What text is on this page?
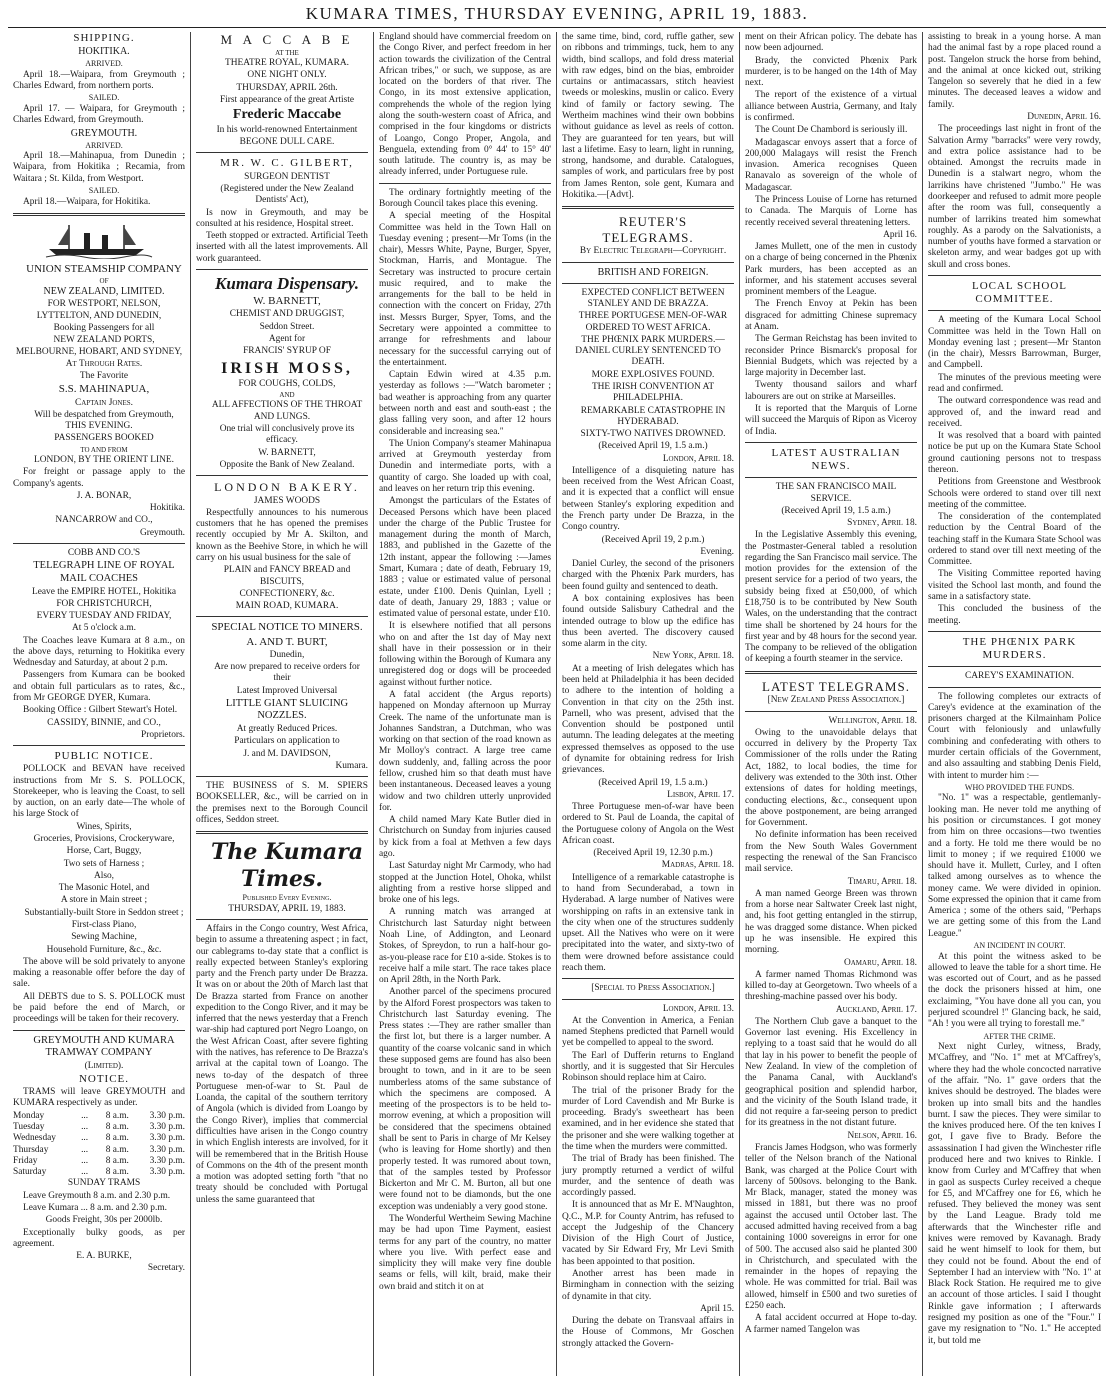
KUMARA TIMES, THURSDAY EVENING, APRIL 19, 1883.

SHIPPING.

HOKITIKA.

ARRIVED.

April 18.—Waipara, from Greymouth ; Charles Edward, from northern ports.

SAILED.

April 17. — Waipara, for Greymouth ; Charles Edward, from Greymouth.

GREYMOUTH.

ARRIVED.

April 18.—Mahinapua, from Dunedin ; Waipara, from Hokitika ; Recamia, from Waitara ; St. Kilda, from Westport.

SAILED.

April 18.—Waipara, for Hokitika.

UNION STEAMSHIP COMPANY

OF

NEW ZEALAND, LIMITED.

FOR WESTPORT, NELSON, LYTTELTON, AND DUNEDIN,

Booking Passengers for all

NEW ZEALAND PORTS, MELBOURNE, HOBART, AND SYDNEY,

At Through Rates.

The Favorite

S.S. MAHINAPUA,

Captain Jones.

Will be despatched from Greymouth, THIS EVENING.

PASSENGERS BOOKED

TO AND FROM

LONDON, BY THE ORIENT LINE.

For freight or passage apply to the Company's agents.

J. A. BONAR,

Hokitika.

NANCARROW and CO.,

Greymouth.

COBB AND CO.'S

TELEGRAPH LINE OF ROYAL MAIL COACHES

Leave the EMPIRE HOTEL, Hokitika

FOR CHRISTCHURCH,

EVERY TUESDAY AND FRIDAY,

At 5 o'clock a.m.

The Coaches leave Kumara at 8 a.m., on the above days, returning to Hokitika every Wednesday and Saturday, at about 2 p.m.

Passengers from Kumara can be booked and obtain full particulars as to rates, &c., from Mr GEORGE DYER, Kumara.

Booking Office : Gilbert Stewart's Hotel.

CASSIDY, BINNIE, and CO.,

Proprietors.

PUBLIC NOTICE.

POLLOCK and BEVAN have received instructions from Mr S. S. POLLOCK, Storekeeper, who is leaving the Coast, to sell by auction, on an early date—The whole of his large Stock of

Wines, Spirits,

Groceries, Provisions, Crockeryware,

Horse, Cart, Buggy,

Two sets of Harness ;

Also,

The Masonic Hotel, and

A store in Main street ;

Substantially-built Store in Seddon street ;

First-class Piano,

Sewing Machine,

Household Furniture, &c., &c.

The above will be sold privately to anyone making a reasonable offer before the day of sale.

All DEBTS due to S. S. POLLOCK must be paid before the end of March, or proceedings will be taken for their recovery.

GREYMOUTH AND KUMARA TRAMWAY COMPANY

(Limited).

NOTICE.

TRAMS will leave GREYMOUTH and KUMARA respectively as under.

Monday	...	8 a.m.	3.30 p.m.
Tuesday	...	8 a.m.	3.30 p.m.
Wednesday	...	8 a.m.	3.30 p.m.
Thursday	...	8 a.m.	3.30 p.m.
Friday	...	8 a.m.	3.30 p.m.
Saturday	...	8 a.m.	3.30 p.m.

SUNDAY TRAMS

Leave Greymouth 8 a.m. and 2.30 p.m.

Leave Kumara ... 8 a.m. and 2.30 p.m.

Goods Freight, 30s per 2000lb.

Exceptionally bulky goods, as per agreement.

E. A. BURKE,

Secretary.

M A C C A B E

AT THE

THEATRE ROYAL, KUMARA.

ONE NIGHT ONLY.

THURSDAY, APRIL 26th.

First appearance of the great Artiste

Frederic Maccabe

In his world-renowned Entertainment

BEGONE DULL CARE.

MR. W. C. GILBERT,

SURGEON DENTIST

(Registered under the New Zealand Dentists' Act),

Is now in Greymouth, and may be consulted at his residence, Hospital street.

Teeth stopped or extracted. Artificial Teeth inserted with all the latest improvements. All work guaranteed.

Kumara Dispensary.

W. BARNETT,

CHEMIST AND DRUGGIST,

Seddon Street.

Agent for

FRANCIS' SYRUP OF

IRISH MOSS,

FOR COUGHS, COLDS,

AND

ALL AFFECTIONS OF THE THROAT AND LUNGS.

One trial will conclusively prove its efficacy.

W. BARNETT,

Opposite the Bank of New Zealand.

LONDON BAKERY.

JAMES WOODS

Respectfully announces to his numerous customers that he has opened the premises recently occupied by Mr A. Skilton, and known as the Beehive Store, in which he will carry on his usual business for the sale of

PLAIN and FANCY BREAD and BISCUITS,

CONFECTIONERY, &c.

MAIN ROAD, KUMARA.

SPECIAL NOTICE TO MINERS.

A. AND T. BURT,

Dunedin,

Are now prepared to receive orders for their

Latest Improved Universal

LITTLE GIANT SLUICING NOZZLES.

At greatly Reduced Prices.

Particulars on application to

J. and M. DAVIDSON,

Kumara.

THE BUSINESS of S. M. SPIERS BOOKSELLER, &c., will be carried on in the premises next to the Borough Council offices, Seddon street.

The Kumara Times.

Published Every Evening.

THURSDAY, APRIL 19, 1883.

Affairs in the Congo country, West Africa, begin to assume a threatening aspect ; in fact, our cablegrams to-day state that a conflict is really expected between Stanley's exploring party and the French party under De Brazza. It was on or about the 20th of March last that De Brazza started from France on another expedition to the Congo River, and it may be inferred that the news yesterday that a French war-ship had captured port Negro Loango, on the West African Coast, after severe fighting with the natives, has reference to De Brazza's arrival at the capital town of Loango. The news to-day of the despatch of three Portuguese men-of-war to St. Paul de Loanda, the capital of the southern territory of Angola (which is divided from Loango by the Congo River), implies that commercial difficulties have arisen in the Congo country in which English interests are involved, for it will be remembered that in the British House of Commons on the 4th of the present month a motion was adopted setting forth "that no treaty should be concluded with Portugal unless the same guaranteed that

England should have commercial freedom on the Congo River, and perfect freedom in her action towards the civilization of the Central African tribes," or such, we suppose, as are located on the borders of that river. The Congo, in its most extensive application, comprehends the whole of the region lying along the south-western coast of Africa, and comprised in the four kingdoms or districts of Loango, Congo Proper, Angola, and Benguela, extending from 0° 44' to 15° 40' south latitude. The country is, as may be already inferred, under Portuguese rule.

The ordinary fortnightly meeting of the Borough Council takes place this evening.

A special meeting of the Hospital Committee was held in the Town Hall on Tuesday evening ; present—Mr Toms (in the chair), Messrs White, Payne, Burger, Spyer, Stockman, Harris, and Montague. The Secretary was instructed to procure certain music required, and to make the arrangements for the ball to be held in connection with the concert on Friday, 27th inst. Messrs Burger, Spyer, Toms, and the Secretary were appointed a committee to arrange for refreshments and labour necessary for the successful carrying out of the entertainment.

Captain Edwin wired at 4.35 p.m. yesterday as follows :—"Watch barometer ; bad weather is approaching from any quarter between north and east and south-east ; the glass falling very soon, and after 12 hours considerable and increasing sea."

The Union Company's steamer Mahinapua arrived at Greymouth yesterday from Dunedin and intermediate ports, with a quantity of cargo. She loaded up with coal, and leaves on her return trip this evening.

Amongst the particulars of the Estates of Deceased Persons which have been placed under the charge of the Public Trustee for management during the month of March, 1883, and published in the Gazette of the 12th instant, appear the following :—James Smart, Kumara ; date of death, February 19, 1883 ; value or estimated value of personal estate, under £100. Denis Quinlan, Lyell ; date of death, January 29, 1883 ; value or estimated value of personal estate, under £10.

It is elsewhere notified that all persons who on and after the 1st day of May next shall have in their possession or in their following within the Borough of Kumara any unregistered dog or dogs will be proceeded against without further notice.

A fatal accident (the Argus reports) happened on Monday afternoon up Murray Creek. The name of the unfortunate man is Johannes Sandstran, a Dutchman, who was working on that section of the road known as Mr Molloy's contract. A large tree came down suddenly, and, falling across the poor fellow, crushed him so that death must have been instantaneous. Deceased leaves a young widow and two children utterly unprovided for.

A child named Mary Kate Butler died in Christchurch on Sunday from injuries caused by kick from a foal at Methven a few days ago.

Last Saturday night Mr Carmody, who had stopped at the Junction Hotel, Ohoka, whilst alighting from a restive horse slipped and broke one of his legs.

A running match was arranged at Christchurch last Saturday night between Noah Line, of Addington, and Leonard Stokes, of Spreydon, to run a half-hour go-as-you-please race for £10 a-side. Stokes is to receive half a mile start. The race takes place on April 28th, in the North Park.

Another parcel of the specimens procured by the Alford Forest prospectors was taken to Christchurch last Saturday evening. The Press states :—They are rather smaller than the first lot, but there is a larger number. A quantity of the coarse volcanic sand in which these supposed gems are found has also been brought to town, and in it are to be seen numberless atoms of the same substance of which the specimens are composed. A meeting of the prospectors is to be held to-morrow evening, at which a proposition will be considered that the specimens obtained shall be sent to Paris in charge of Mr Kelsey (who is leaving for Home shortly) and then properly tested. It was rumored about town, that of the samples tested by Professor Bickerton and Mr C. M. Burton, all but one were found not to be diamonds, but the one exception was undeniably a very good stone.

The Wonderful Wertheim Sewing Machine may be had upon Time Payment, easiest terms for any part of the country, no matter where you live. With perfect ease and simplicity they will make very fine double seams or fells, will kilt, braid, make their own braid and stitch it on at

the same time, bind, cord, ruffle gather, sew on ribbons and trimmings, tuck, hem to any width, bind scallops, and fold dress material with raw edges, bind on the bias, embroider curtains or antimacassars, stitch heaviest tweeds or moleskins, muslin or calico. Every kind of family or factory sewing. The Wertheim machines wind their own bobbins without guidance as level as reels of cotton. They are guaranteed for ten years, but will last a lifetime. Easy to learn, light in running, strong, handsome, and durable. Catalogues, samples of work, and particulars free by post from James Renton, sole gent, Kumara and Hokitika.—[Advt].

REUTER'S TELEGRAMS.

By Electric Telegraph—Copyright.

BRITISH AND FOREIGN.

EXPECTED CONFLICT BETWEEN STANLEY AND DE BRAZZA.

THREE PORTUGESE MEN-OF-WAR ORDERED TO WEST AFRICA.

THE PHŒNIX PARK MURDERS.—DANIEL CURLEY SENTENCED TO DEATH.

MORE EXPLOSIVES FOUND.

THE IRISH CONVENTION AT PHILADELPHIA.

REMARKABLE CATASTROPHE IN HYDERABAD.

SIXTY-TWO NATIVES DROWNED.

(Received April 19, 1.5 a.m.)

London, April 18.

Intelligence of a disquieting nature has been received from the West African Coast, and it is expected that a conflict will ensue between Stanley's exploring expedition and the French party under De Brazza, in the Congo country.

(Received April 19, 2 p.m.)

Evening.

Daniel Curley, the second of the prisoners charged with the Phœnix Park murders, has been found guilty and sentenced to death.

A box containing explosives has been found outside Salisbury Cathedral and the intended outrage to blow up the edifice has thus been averted. The discovery caused some alarm in the city.

New York, April 18.

At a meeting of Irish delegates which has been held at Philadelphia it has been decided to adhere to the intention of holding a Convention in that city on the 25th inst. Parnell, who was present, advised that the Convention should be postponed until autumn. The leading delegates at the meeting expressed themselves as opposed to the use of dynamite for obtaining redress for Irish grievances.

(Received April 19, 1.5 a.m.)

Lisbon, April 17.

Three Portuguese men-of-war have been ordered to St. Paul de Loanda, the capital of the Portuguese colony of Angola on the West African coast.

(Received April 19, 12.30 p.m.)

Madras, April 18.

Intelligence of a remarkable catastrophe is to hand from Secunderabad, a town in Hyderabad. A large number of Natives were worshipping on rafts in an extensive tank in the city when one of the structures suddenly upset. All the Natives who were on it were precipitated into the water, and sixty-two of them were drowned before assistance could reach them.

[Special to Press Association.]

London, April 13.

At the Convention in America, a Fenian named Stephens predicted that Parnell would yet be compelled to appeal to the sword.

The Earl of Dufferin returns to England shortly, and it is suggested that Sir Hercules Robinson should replace him at Cairo.

The trial of the prisoner Brady for the murder of Lord Cavendish and Mr Burke is proceeding. Brady's sweetheart has been examined, and in her evidence she stated that the prisoner and she were walking together at the time when the murders were committed.

The trial of Brady has been finished. The jury promptly returned a verdict of wilful murder, and the sentence of death was accordingly passed.

It is announced that as Mr E. M'Naughton, Q.C., M.P. for County Antrim, has refused to accept the Judgeship of the Chancery Division of the High Court of Justice, vacated by Sir Edward Fry, Mr Levi Smith has been appointed to that position.

Another arrest has been made in Birmingham in connection with the seizing of dynamite in that city.

April 15.

During the debate on Transvaal affairs in the House of Commons, Mr Goschen strongly attacked the Govern-

ment on their African policy. The debate has now been adjourned.

Brady, the convicted Phœnix Park murderer, is to be hanged on the 14th of May next.

The report of the existence of a virtual alliance between Austria, Germany, and Italy is confirmed.

The Count De Chambord is seriously ill.

Madagascar envoys assert that a force of 200,000 Malagays will resist the French invasion. America recognises Queen Ranavalo as sovereign of the whole of Madagascar.

The Princess Louise of Lorne has returned to Canada. The Marquis of Lorne has recently received several threatening letters.

April 16.

James Mullett, one of the men in custody on a charge of being concerned in the Phœnix Park murders, has been accepted as an informer, and his statement accuses several prominent members of the League.

The French Envoy at Pekin has been disgraced for admitting Chinese supremacy at Anam.

The German Reichstag has been invited to reconsider Prince Bismarck's proposal for Biennial Budgets, which was rejected by a large majority in December last.

Twenty thousand sailors and wharf labourers are out on strike at Marseilles.

It is reported that the Marquis of Lorne will succeed the Marquis of Ripon as Viceroy of India.

LATEST AUSTRALIAN NEWS.

THE SAN FRANCISCO MAIL SERVICE.

(Received April 19, 1.5 a.m.)

Sydney, April 18.

In the Legislative Assembly this evening, the Postmaster-General tabled a resolution regarding the San Francisco mail service. The motion provides for the extension of the present service for a period of two years, the subsidy being fixed at £50,000, of which £18,750 is to be contributed by New South Wales, on the understanding that the contract time shall be shortened by 24 hours for the first year and by 48 hours for the second year. The company to be relieved of the obligation of keeping a fourth steamer in the service.

LATEST TELEGRAMS.

[New Zealand Press Association.]

Wellington, April 18.

Owing to the unavoidable delays that occurred in delivery by the Property Tax Commissioner of the rolls under the Rating Act, 1882, to local bodies, the time for delivery was extended to the 30th inst. Other extensions of dates for holding meetings, conducting elections, &c., consequent upon the above postponement, are being arranged for Government.

No definite information has been received from the New South Wales Government respecting the renewal of the San Francisco mail service.

Timaru, April 18.

A man named George Breen was thrown from a horse near Saltwater Creek last night, and, his foot getting entangled in the stirrup, he was dragged some distance. When picked up he was insensible. He expired this morning.

Oamaru, April 18.

A farmer named Thomas Richmond was killed to-day at Georgetown. Two wheels of a threshing-machine passed over his body.

Auckland, April 17.

The Northern Club gave a banquet to the Governor last evening. His Excellency in replying to a toast said that he would do all that lay in his power to benefit the people of New Zealand. In view of the completion of the Panama Canal, with Auckland's geographical position and splendid harbor, and the vicinity of the South Island trade, it did not require a far-seeing person to predict for its greatness in the not distant future.

Nelson, April 16.

Francis James Hodgson, who was formerly teller of the Nelson branch of the National Bank, was charged at the Police Court with larceny of 500sovs. belonging to the Bank. Mr Black, manager, stated the money was missed in 1881, but there was no proof against the accused until October last. The accused admitted having received from a bag containing 1000 sovereigns in error for one of 500. The accused also said he planted 300 in Christchurch, and speculated with the remainder in the hopes of repaying the whole. He was committed for trial. Bail was allowed, himself in £500 and two sureties of £250 each.

A fatal accident occurred at Hope to-day. A farmer named Tangelon was

assisting to break in a young horse. A man had the animal fast by a rope placed round a post. Tangelon struck the horse from behind, and the animal at once kicked out, striking Tangelon so severely that he died in a few minutes. The deceased leaves a widow and family.

Dunedin, April 16.

The proceedings last night in front of the Salvation Army "barracks" were very rowdy, and extra police assistance had to be obtained. Amongst the recruits made in Dunedin is a stalwart negro, whom the larrikins have christened "Jumbo." He was doorkeeper and refused to admit more people after the room was full, consequently a number of larrikins treated him somewhat roughly. As a parody on the Salvationists, a number of youths have formed a starvation or skeleton army, and wear badges got up with skull and cross bones.

LOCAL SCHOOL COMMITTEE.

A meeting of the Kumara Local School Committee was held in the Town Hall on Monday evening last ; present—Mr Stanton (in the chair), Messrs Barrowman, Burger, and Campbell.

The minutes of the previous meeting were read and confirmed.

The outward correspondence was read and approved of, and the inward read and received.

It was resolved that a board with painted notice be put up on the Kumara State School ground cautioning persons not to trespass thereon.

Petitions from Greenstone and Westbrook Schools were ordered to stand over till next meeting of the committee.

The consideration of the contemplated reduction by the Central Board of the teaching staff in the Kumara State School was ordered to stand over till next meeting of the Committee.

The Visiting Committee reported having visited the School last month, and found the same in a satisfactory state.

This concluded the business of the meeting.

THE PHŒNIX PARK MURDERS.

CAREY'S EXAMINATION.

The following completes our extracts of Carey's evidence at the examination of the prisoners charged at the Kilmainham Police Court with feloniously and unlawfully combining and confederating with others to murder certain officials of the Government, and also assaulting and stabbing Denis Field, with intent to murder him :—

WHO PROVIDED THE FUNDS.

"No. 1" was a respectable, gentlemanly-looking man. He never told me anything of his position or circumstances. I got money from him on three occasions—two twenties and a forty. He told me there would be no limit to money ; if we required £1000 we should have it. Mullett, Curley, and I often talked among ourselves as to whence the money came. We were divided in opinion. Some expressed the opinion that it came from America ; some of the others said, "Perhaps we are getting some of this from the Land League."

AN INCIDENT IN COURT.

At this point the witness asked to be allowed to leave the table for a short time. He was escorted out of Court, and as he passed the dock the prisoners hissed at him, one exclaiming, "You have done all you can, you perjured scoundrel !" Glancing back, he said, "Ah ! you were all trying to forestall me."

AFTER THE CRIME.

Next night Curley, witness, Brady, M'Caffrey, and "No. 1" met at M'Caffrey's, where they had the whole concocted narrative of the affair. "No. 1" gave orders that the knives should be destroyed. The blades were broken up into small bits and the handles burnt. I saw the pieces. They were similar to the knives produced here. Of the ten knives I got, I gave five to Brady. Before the assassination I had given the Winchester rifle produced here and two knives to Rinkle. I know from Curley and M'Caffrey that when in gaol as suspects Curley received a cheque for £5, and M'Caffrey one for £6, which he refused. They believed the money was sent by the Land League. Brady told me afterwards that the Winchester rifle and knives were removed by Kavanagh. Brady said he went himself to look for them, but they could not be found. About the end of September I had an interview with "No. 1" at Black Rock Station. He required me to give an account of those articles. I said I thought Rinkle gave information ; I afterwards resigned my position as one of the "Four." I gave my resignation to "No. 1." He accepted it, but told me
